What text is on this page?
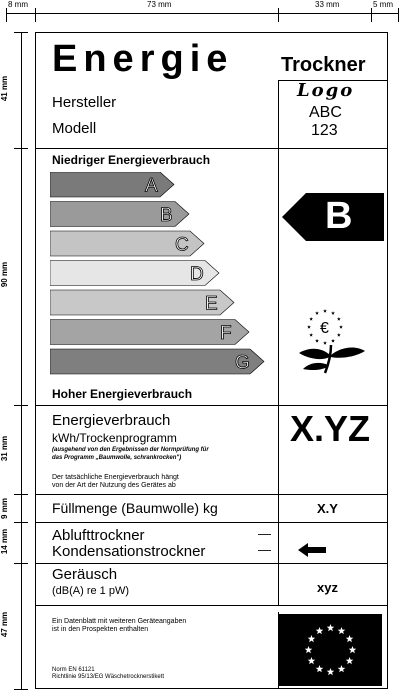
8 mm	73 mm	33 mm	5 mm
41 mm
90 mm
31 mm
9 mm
14 mm
47 mm
Energie Trockner
Hersteller
Modell
Logo
ABC
123
Niedriger Energieverbrauch
A
B
C
D
E
F
G
Hoher Energieverbrauch
B
€
Energieverbrauch
kWh/Trockenprogramm
(ausgehend von den Ergebnissen der Normprüfung für
das Programm „Baumwolle, schrankrocken")
Der tatsächliche Energieverbrauch hängt
von der Art der Nutzung des Gerätes ab
X.YZ
Füllmenge (Baumwolle) kg	X.Y
Ablufttrockner
Kondensationstrockner
—
—
Geräusch
(dB(A) re 1 pW)	xyz
Ein Datenblatt mit weiteren Geräteangaben
ist in den Prospekten enthalten
Norm EN 61121
Richtlinie 95/13/EG Wäschetrocknerstikett
